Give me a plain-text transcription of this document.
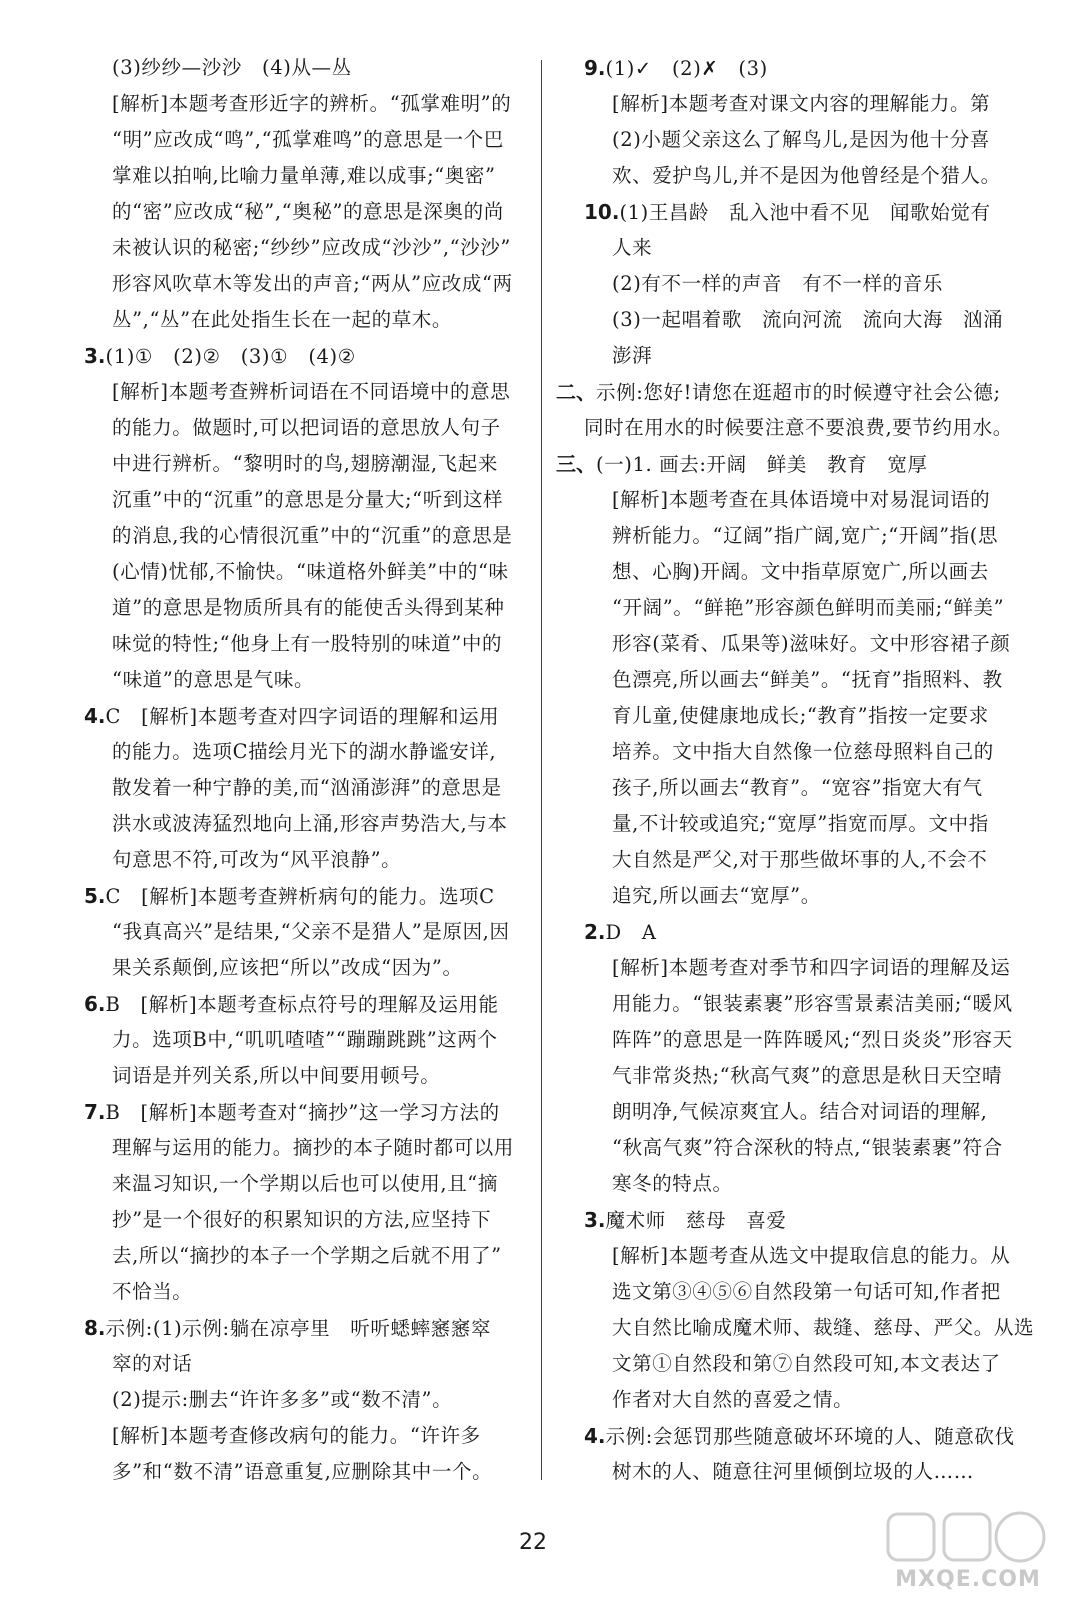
(3)纱纱—沙沙　(4)从—丛
[解析]本题考查形近字的辨析。“孤掌难明”的
“明”应改成“鸣”,“孤掌难鸣”的意思是一个巴
掌难以拍响,比喻力量单薄,难以成事;“奥密”
的“密”应改成“秘”,“奥秘”的意思是深奥的尚
未被认识的秘密;“纱纱”应改成“沙沙”,“沙沙”
形容风吹草木等发出的声音;“两从”应改成“两
丛”,“丛”在此处指生长在一起的草木。
3.(1)①　(2)②　(3)①　(4)②
[解析]本题考查辨析词语在不同语境中的意思
的能力。做题时,可以把词语的意思放人句子
中进行辨析。“黎明时的鸟,翅膀潮湿,飞起来
沉重”中的“沉重”的意思是分量大;“听到这样
的消息,我的心情很沉重”中的“沉重”的意思是
(心情)忧郁,不愉快。“味道格外鲜美”中的“味
道”的意思是物质所具有的能使舌头得到某种
味觉的特性;“他身上有一股特别的味道”中的
“味道”的意思是气味。
4.C　[解析]本题考查对四字词语的理解和运用
的能力。选项C描绘月光下的湖水静谧安详,
散发着一种宁静的美,而“汹涌澎湃”的意思是
洪水或波涛猛烈地向上涌,形容声势浩大,与本
句意思不符,可改为“风平浪静”。
5.C　[解析]本题考查辨析病句的能力。选项C
“我真高兴”是结果,“父亲不是猎人”是原因,因
果关系颠倒,应该把“所以”改成“因为”。
6.B　[解析]本题考查标点符号的理解及运用能
力。选项B中,“叽叽喳喳”“蹦蹦跳跳”这两个
词语是并列关系,所以中间要用顿号。
7.B　[解析]本题考查对“摘抄”这一学习方法的
理解与运用的能力。摘抄的本子随时都可以用
来温习知识,一个学期以后也可以使用,且“摘
抄”是一个很好的积累知识的方法,应坚持下
去,所以“摘抄的本子一个学期之后就不用了”
不恰当。
8.示例:(1)示例:躺在凉亭里　听听蟋蟀窸窸窣
窣的对话
(2)提示:删去“许许多多”或“数不清”。
[解析]本题考查修改病句的能力。“许许多
多”和“数不清”语意重复,应删除其中一个。
9.(1)✓　(2)✗　(3)
[解析]本题考查对课文内容的理解能力。第
(2)小题父亲这么了解鸟儿,是因为他十分喜
欢、爱护鸟儿,并不是因为他曾经是个猎人。
10.(1)王昌龄　乱入池中看不见　闻歌始觉有
人来
(2)有不一样的声音　有不一样的音乐
(3)一起唱着歌　流向河流　流向大海　汹涌
澎湃
二、示例:您好!请您在逛超市的时候遵守社会公德;
同时在用水的时候要注意不要浪费,要节约用水。
三、(一)1. 画去:开阔　鲜美　教育　宽厚
[解析]本题考查在具体语境中对易混词语的
辨析能力。“辽阔”指广阔,宽广;“开阔”指(思
想、心胸)开阔。文中指草原宽广,所以画去
“开阔”。“鲜艳”形容颜色鲜明而美丽;“鲜美”
形容(菜肴、瓜果等)滋味好。文中形容裙子颜
色漂亮,所以画去“鲜美”。“抚育”指照料、教
育儿童,使健康地成长;“教育”指按一定要求
培养。文中指大自然像一位慈母照料自己的
孩子,所以画去“教育”。“宽容”指宽大有气
量,不计较或追究;“宽厚”指宽而厚。文中指
大自然是严父,对于那些做坏事的人,不会不
追究,所以画去“宽厚”。
2.D　A
[解析]本题考查对季节和四字词语的理解及运
用能力。“银装素裹”形容雪景素洁美丽;“暖风
阵阵”的意思是一阵阵暖风;“烈日炎炎”形容天
气非常炎热;“秋高气爽”的意思是秋日天空晴
朗明净,气候凉爽宜人。结合对词语的理解,
“秋高气爽”符合深秋的特点,“银装素裹”符合
寒冬的特点。
3.魔术师　慈母　喜爱
[解析]本题考查从选文中提取信息的能力。从
选文第③④⑤⑥自然段第一句话可知,作者把
大自然比喻成魔术师、裁缝、慈母、严父。从选
文第①自然段和第⑦自然段可知,本文表达了
作者对大自然的喜爱之情。
4.示例:会惩罚那些随意破坏环境的人、随意砍伐
树木的人、随意往河里倾倒垃圾的人……
22
MXQE.COM
